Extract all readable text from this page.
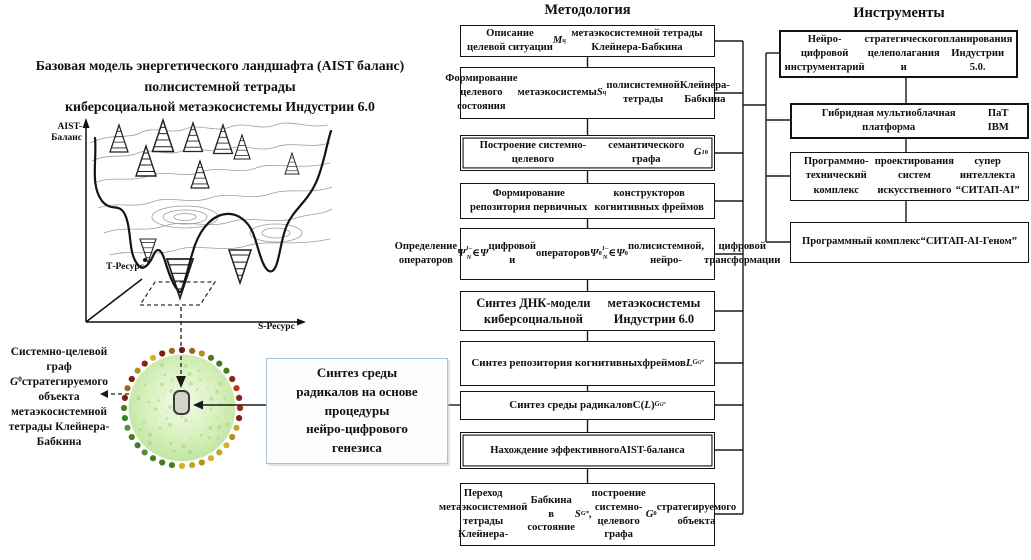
Базовая модель энергетического ландшафта (AIST баланс)
полисистемной тетрады
киберсоциальной метаэкосистемы Индустрии 6.0
AIST-
Баланс
Т-Ресурс
S-Ресурс
Системно-целевой
граф
$G^0стратегируемого$
объекта
метаэкосистемной
тетрады Клейнера-
Бабкина
Синтез среды
радикалов на основе
процедуры
нейро-цифрового
генезиса
Методология
Описание целевой ситуации
M ц

метаэкосистемной тетрады Клейнера-Бабкина
Формирование целевого состояния

метаэкосистемы S ц
полисистемной тетрады

Клейнера-Бабкина
Построение системно-целевого

семантического графа
G 1 0
Формирование репозитория первичных

конструкторов когнитивных фреймов
Определение операторов
Ψ 1–N ∈ Ψ
цифровой и

операторов Ψ 0
1–N ∈ Ψ 0
полисистемной, нейро-

цифровой трансформации
Синтез ДНК-модели киберсоциальной

метаэкосистемы Индустрии 6.0
Синтез репозитория когнитивных фреймов L G G⁰
Синтез среды радикалов C( L ) G G⁰
Нахождение эффективного AIST-баланса
Переход метаэкосистемной тетрады Клейнера-

Бабкина в состояние
S G* ,

построение системно-целевого графа

G 0
стратегируемого объекта
Инструменты
Нейро-цифровой инструментарий

стратегического целеполагания и

планирования Индустрии 5.0.
Гибридная мультиоблачная платформа

ПаТ IBM
Программно-технический комплекс

проектирования систем искусственного

супер интеллекта “СИТАП-AI”
Программный комплекс “СИТАП-AI-Геном”
